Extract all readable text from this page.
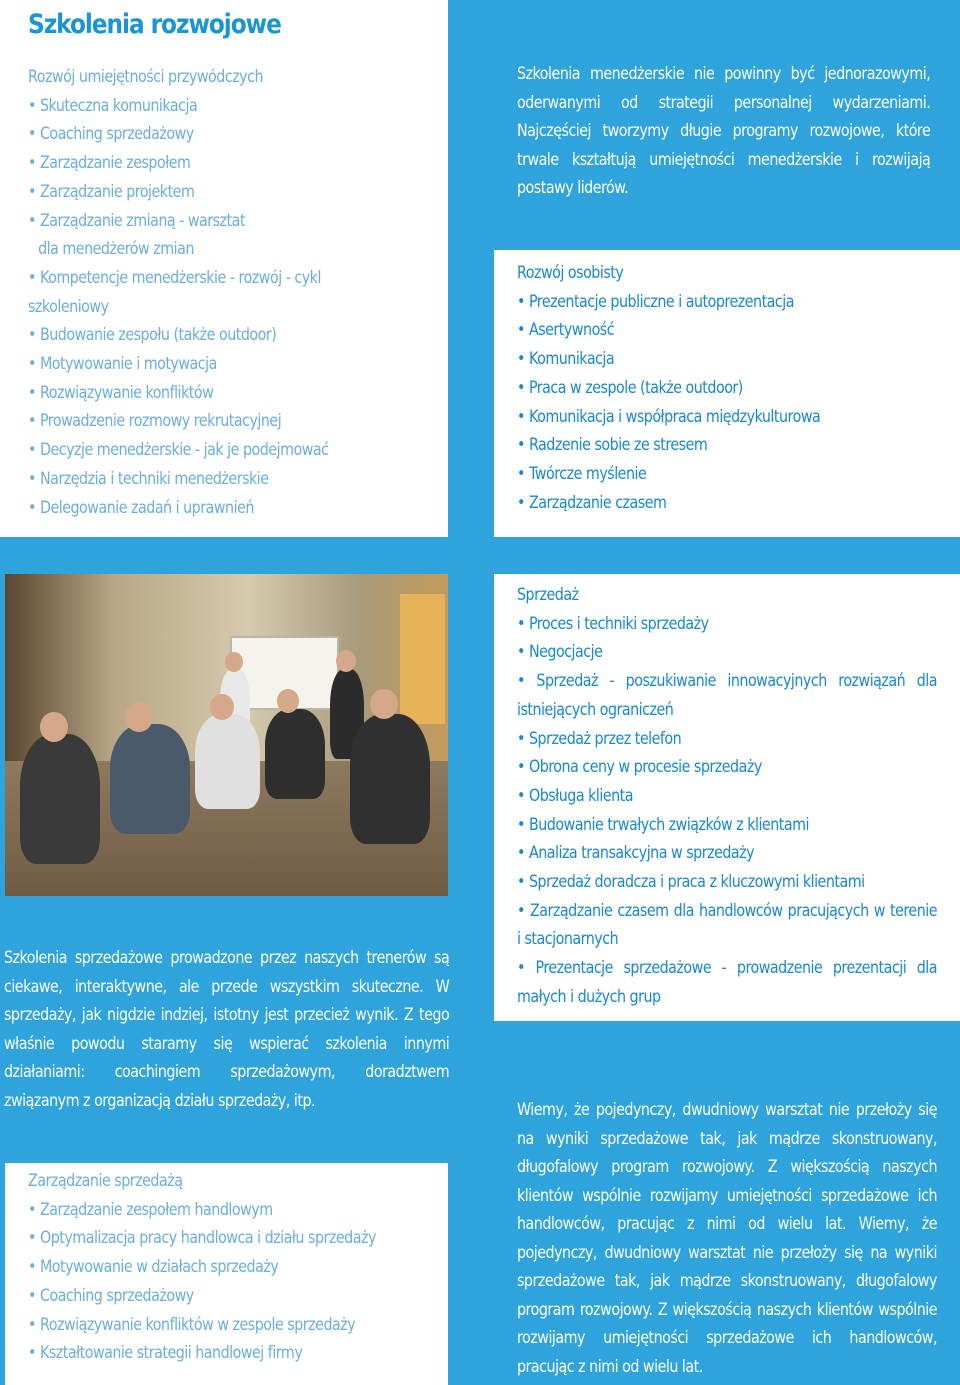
Szkolenia rozwojowe
Rozwój umiejętności przywódczych
• Skuteczna komunikacja
• Coaching sprzedażowy
• Zarządzanie zespołem
• Zarządzanie projektem
• Zarządzanie zmianą - warsztat
dla menedżerów zmian
• Kompetencje menedżerskie - rozwój - cykl
szkoleniowy
• Budowanie zespołu (także outdoor)
• Motywowanie i motywacja
• Rozwiązywanie konfliktów
• Prowadzenie rozmowy rekrutacyjnej
• Decyzje menedżerskie - jak je podejmować
• Narzędzia i techniki menedżerskie
• Delegowanie zadań i uprawnień

Szkolenia menedżerskie nie powinny być jednorazowymi, oderwanymi od strategii personalnej wydarzeniami. Najczęściej tworzymy długie programy rozwojowe, które trwale kształtują umiejętności menedżerskie i rozwijają postawy liderów.

Rozwój osobisty
• Prezentacje publiczne i autoprezentacja
• Asertywność
• Komunikacja
• Praca w zespole (także outdoor)
• Komunikacja i współpraca międzykulturowa
• Radzenie sobie ze stresem
• Twórcze myślenie
• Zarządzanie czasem

Szkolenia sprzedażowe prowadzone przez naszych trenerów są ciekawe, interaktywne, ale przede wszystkim skuteczne. W sprzedaży, jak nigdzie indziej, istotny jest przecież wynik. Z tego właśnie powodu staramy się wspierać szkolenia innymi działaniami: coachingiem sprzedażowym, doradztwem związanym z organizacją działu sprzedaży, itp.

Sprzedaż
• Proces i techniki sprzedaży
• Negocjacje
• Sprzedaż - poszukiwanie innowacyjnych rozwiązań dla istniejących ograniczeń
• Sprzedaż przez telefon
• Obrona ceny w procesie sprzedaży
• Obsługa klienta
• Budowanie trwałych związków z klientami
• Analiza transakcyjna w sprzedaży
• Sprzedaż doradcza i praca z kluczowymi klientami
• Zarządzanie czasem dla handlowców pracujących w terenie i stacjonarnych
• Prezentacje sprzedażowe - prowadzenie prezentacji dla małych i dużych grup
Zarządzanie sprzedażą
• Zarządzanie zespołem handlowym
• Optymalizacja pracy handlowca i działu sprzedaży
• Motywowanie w działach sprzedaży
• Coaching sprzedażowy
• Rozwiązywanie konfliktów w zespole sprzedaży
• Kształtowanie strategii handlowej firmy

Wiemy, że pojedynczy, dwudniowy warsztat nie przełoży się na wyniki sprzedażowe tak, jak mądrze skonstruowany, długofalowy program rozwojowy. Z większością naszych klientów wspólnie rozwijamy umiejętności sprzedażowe ich handlowców, pracując z nimi od wielu lat. Wiemy, że pojedynczy, dwudniowy warsztat nie przełoży się na wyniki sprzedażowe tak, jak mądrze skonstruowany, długofalowy program rozwojowy. Z większością naszych klientów wspólnie rozwijamy umiejętności sprzedażowe ich handlowców, pracując z nimi od wielu lat.
